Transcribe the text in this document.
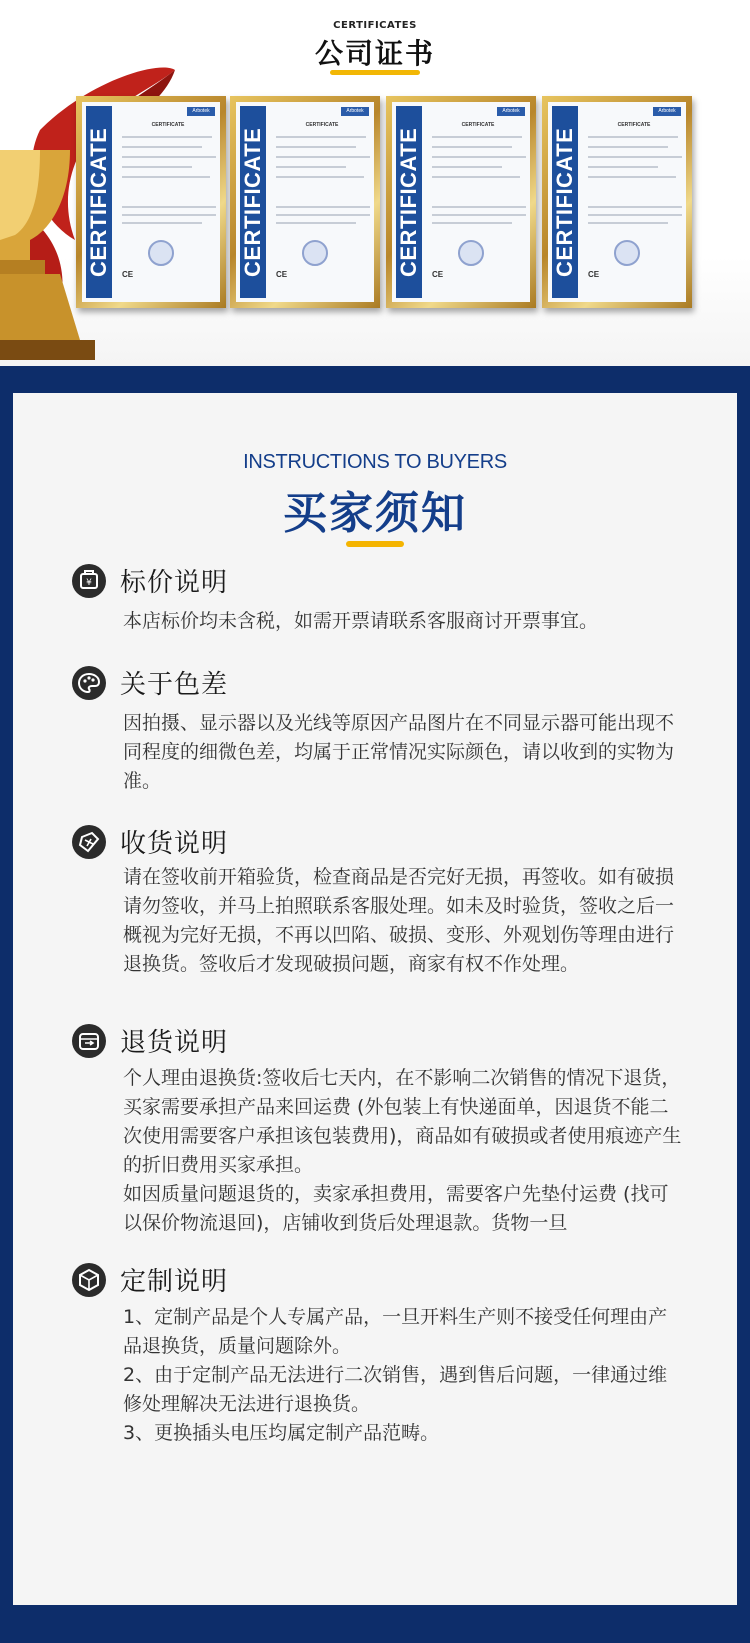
CERTIFICATES
公司证书
CERTIFICATE
Arbotek
CERTIFICATE
CE	CERTIFICATE
Arbotek
CERTIFICATE
CE	CERTIFICATE
Arbotek
CERTIFICATE
CE	CERTIFICATE
Arbotek
CERTIFICATE
CE
INSTRUCTIONS TO BUYERS
买家须知
¥ 标价说明

本店标价均未含税，如需开票请联系客服商讨开票事宜。

关于色差

因拍摄、显示器以及光线等原因产品图片在不同显示器可能出现不同程度的细微色差，均属于正常情况实际颜色，请以收到的实物为准。

收货说明

请在签收前开箱验货，检查商品是否完好无损，再签收。如有破损请勿签收，并马上拍照联系客服处理。如未及时验货，签收之后一概视为完好无损，不再以凹陷、破损、变形、外观划伤等理由进行退换货。签收后才发现破损问题，商家有权不作处理。

退货说明

个人理由退换货:签收后七天内，在不影响二次销售的情况下退货，买家需要承担产品来回运费 (外包装上有快递面单，因退货不能二次使用需要客户承担该包装费用)，商品如有破损或者使用痕迹产生的折旧费用买家承担。

如因质量问题退货的，卖家承担费用，需要客户先垫付运费 (找可以保价物流退回)，店铺收到货后处理退款。货物一旦

定制说明

1、定制产品是个人专属产品，一旦开料生产则不接受任何理由产品退换货，质量问题除外。

2、由于定制产品无法进行二次销售，遇到售后问题，一律通过维修处理解决无法进行退换货。

3、更换插头电压均属定制产品范畴。
